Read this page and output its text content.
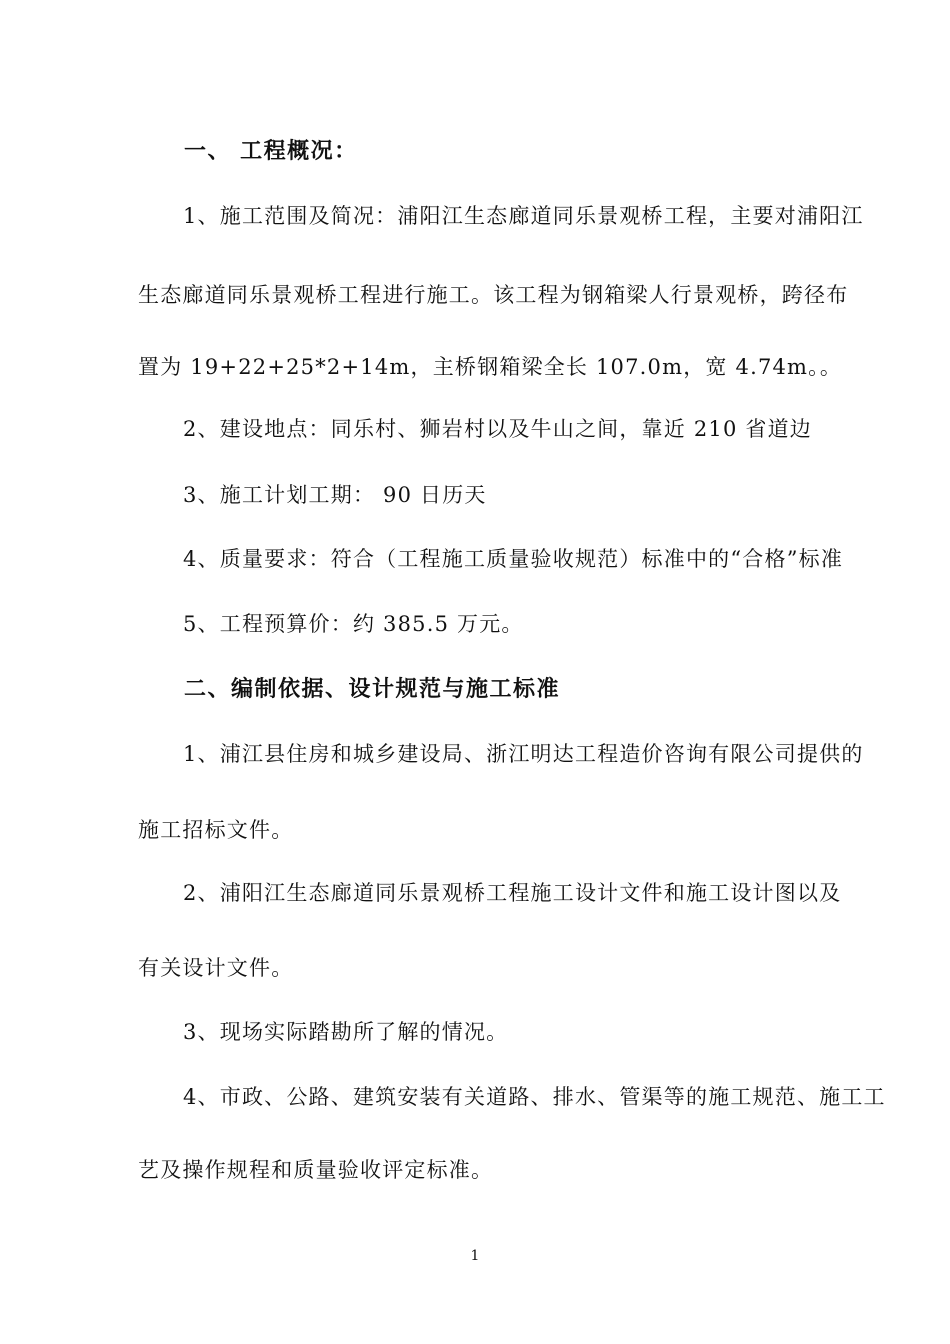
一、 工程概况：
1、施工范围及简况：浦阳江生态廊道同乐景观桥工程，主要对浦阳江
生态廊道同乐景观桥工程进行施工。该工程为钢箱梁人行景观桥，跨径布
置为 19+22+25*2+14m，主桥钢箱梁全长 107.0m，宽 4.74m。。
2、建设地点：同乐村、狮岩村以及牛山之间，靠近 210 省道边
3、施工计划工期： 90 日历天
4、质量要求：符合（工程施工质量验收规范）标准中的“合格”标准
5、工程预算价：约 385.5 万元。
二、编制依据、设计规范与施工标准
1、浦江县住房和城乡建设局、浙江明达工程造价咨询有限公司提供的
施工招标文件。
2、浦阳江生态廊道同乐景观桥工程施工设计文件和施工设计图以及
有关设计文件。
3、现场实际踏勘所了解的情况。
4、市政、公路、建筑安装有关道路、排水、管渠等的施工规范、施工工
艺及操作规程和质量验收评定标准。
1
